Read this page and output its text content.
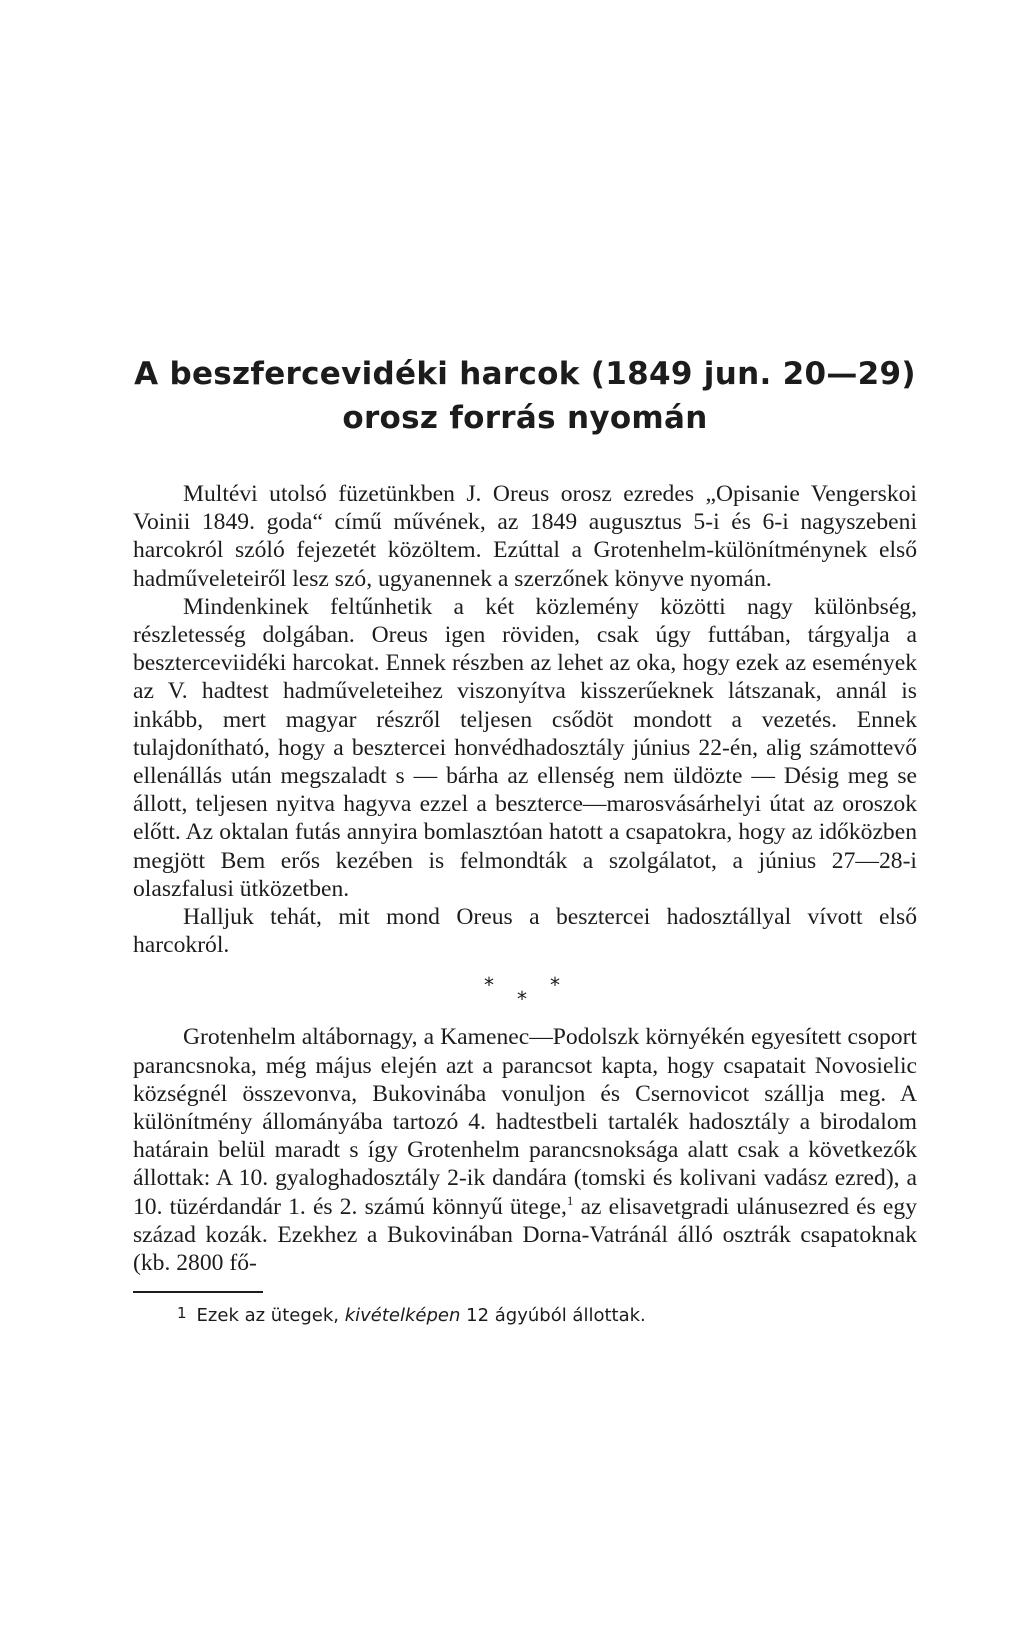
A beszfercevidéki harcok (1849 jun. 20—29)
orosz forrás nyomán

Multévi utolsó füzetünkben J. Oreus orosz ezredes „Opisanie Vengerskoi Voinii 1849. goda“ című művének, az 1849 augusztus 5-i és 6-i nagyszebeni harcokról szóló fejezetét közöltem. Ezúttal a Grotenhelm-különítménynek első hadműveleteiről lesz szó, ugyanennek a szerzőnek könyve nyomán.

Mindenkinek feltűnhetik a két közlemény közötti nagy különbség, részletesség dolgában. Oreus igen röviden, csak úgy futtában, tárgyalja a beszterceviidéki harcokat. Ennek részben az lehet az oka, hogy ezek az események az V. hadtest hadműveleteihez viszonyítva kisszerűeknek látszanak, annál is inkább, mert magyar részről teljesen csődöt mondott a vezetés. Ennek tulajdonítható, hogy a besztercei honvédhadosztály június 22-én, alig számottevő ellenállás után megszaladt s — bárha az ellenség nem üldözte — Désig meg se állott, teljesen nyitva hagyva ezzel a beszterce—marosvásárhelyi útat az oroszok előtt. Az oktalan futás annyira bomlasztóan hatott a csapatokra, hogy az időközben megjött Bem erős kezében is felmondták a szolgálatot, a június 27—28-i olaszfalusi ütközetben.

Halljuk tehát, mit mond Oreus a besztercei hadosztállyal vívott első harcokról.

*	*
*

Grotenhelm altábornagy, a Kamenec—Podolszk környékén egyesített csoport parancsnoka, még május elején azt a parancsot kapta, hogy csapatait Novosielic községnél összevonva, Bukovinába vonuljon és Csernovicot szállja meg. A különítmény állományába tartozó 4. hadtestbeli tartalék hadosztály a birodalom határain belül maradt s így Grotenhelm parancsnoksága alatt csak a következők állottak: A 10. gyaloghadosztály 2-ik dandára (tomski és kolivani vadász ezred), a 10. tüzérdandár 1. és 2. számú könnyű ütege,$^1$ az elisavetgradi ulánusezred és egy század kozák. Ezekhez a Bukovinában Dorna-Vatránál álló osztrák csapatoknak (kb. 2800 fő-

1 Ezek az ütegek, kivételképen 12 ágyúból állottak.
